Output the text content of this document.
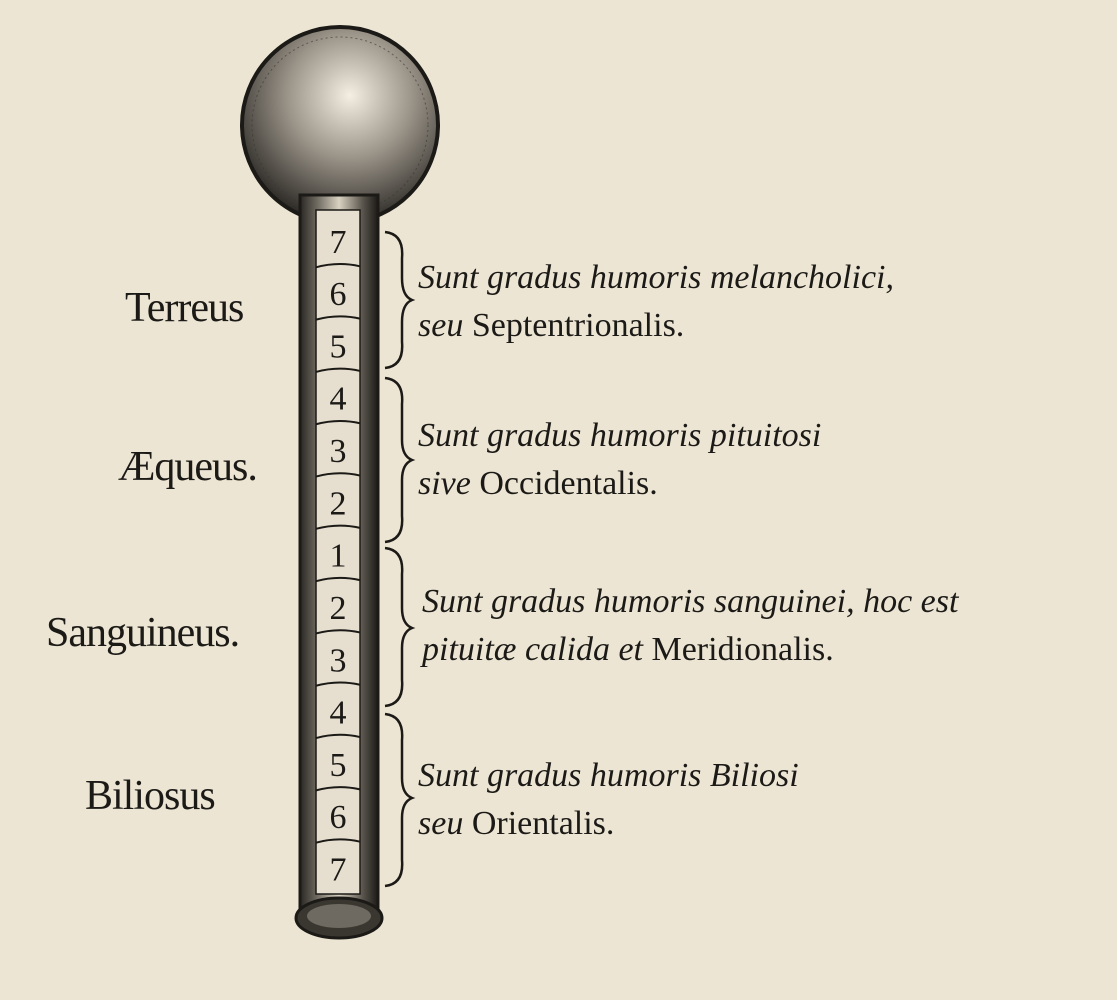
7
6
5
4
3
2
1
2
3
4
5
6
7
Terreus
Æqueus.
Sanguineus.
Biliosus
Sunt gradus humoris melancholici,
seu Septentrionalis.
Sunt gradus humoris pituitosi
sive Occidentalis.
Sunt gradus humoris sanguinei, hoc est
pituitæ calida et Meridionalis.
Sunt gradus humoris Biliosi
seu Orientalis.
